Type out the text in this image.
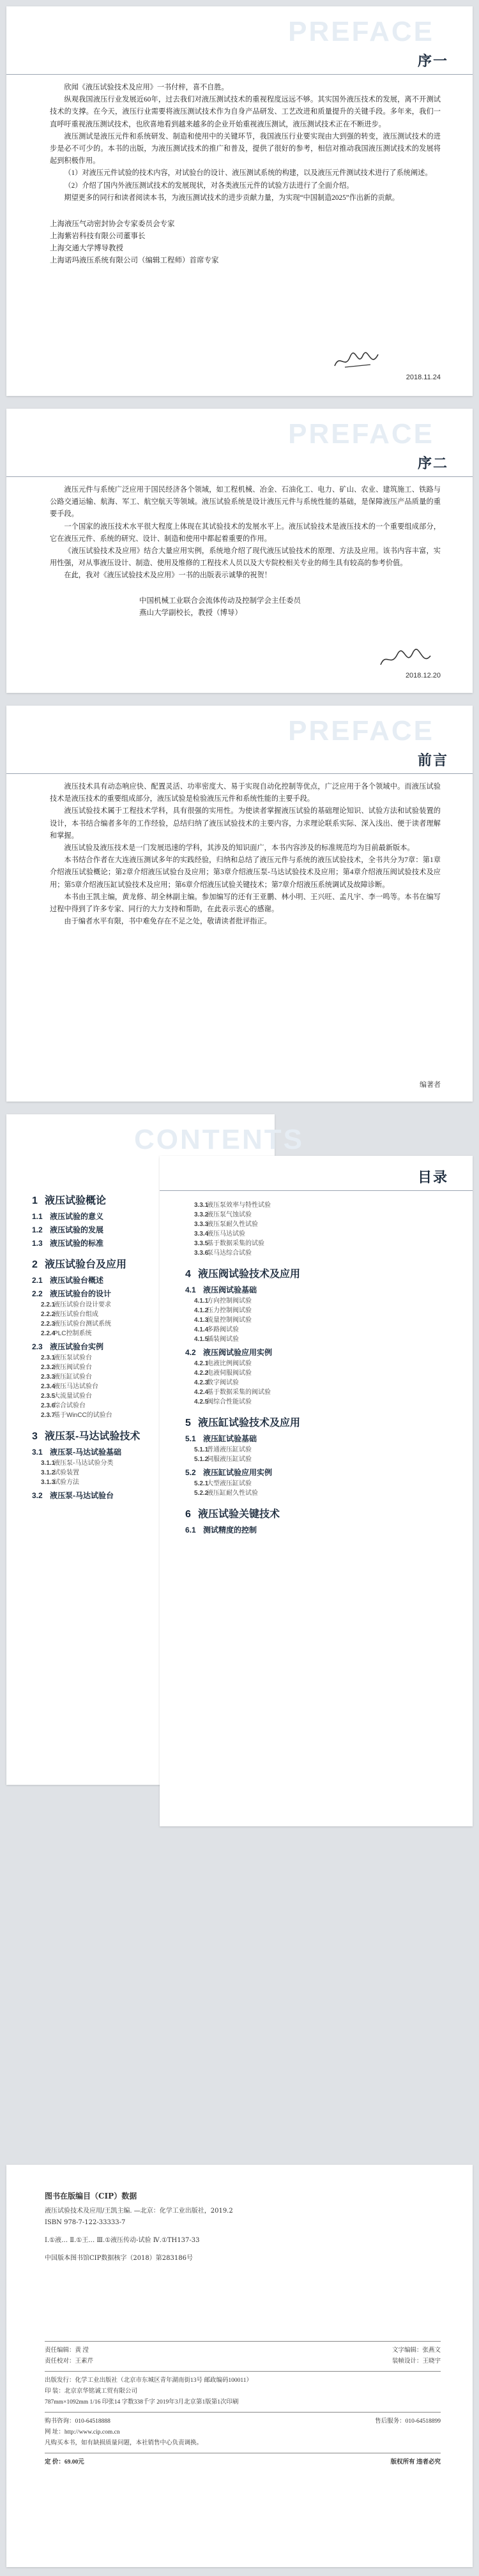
PREFACE
序一

欣闻《液压试验技术及应用》一书付梓，喜不自胜。

纵观我国液压行业发展近60年，过去我们对液压测试技术的重视程度远远不够。其实国外液压技术的发展，离不开测试技术的支撑。在今天，液压行业需要将液压测试技术作为自身产品研发、工艺改进和质量提升的关键手段。多年来，我们一直呼吁重视液压测试技术，也欣喜地看到越来越多的企业开始重视液压测试，液压测试技术正在不断进步。

液压测试是液压元件和系统研发、制造和使用中的关键环节，我国液压行业要实现由大到强的转变，液压测试技术的进步是必不可少的。本书的出版，为液压测试技术的推广和普及，提供了很好的参考，相信对推动我国液压测试技术的发展将起到积极作用。

（1）对液压元件试验的技术内容，对试验台的设计、液压测试系统的构建，以及液压元件测试技术进行了系统阐述。

（2）介绍了国内外液压测试技术的发展现状，对各类液压元件的试验方法进行了全面介绍。

期望更多的同行和读者阅读本书，为液压测试技术的进步贡献力量，为实现“中国制造2025”作出新的贡献。

上海液压气动密封协会专家委员会专家
上海紫岩科技有限公司董事长
上海交通大学博导教授
上海诺玛液压系统有限公司（编辑工程师）首席专家
2018.11.24
PREFACE
序二

液压元件与系统广泛应用于国民经济各个领域，如工程机械、冶金、石油化工、电力、矿山、农业、建筑施工、铁路与公路交通运输、航海、军工、航空航天等领域。液压试验系统是设计液压元件与系统性能的基础，是保障液压产品质量的重要手段。

一个国家的液压技术水平很大程度上体现在其试验技术的发展水平上。液压试验技术是液压技术的一个重要组成部分，它在液压元件、系统的研究、设计、制造和使用中都起着重要的作用。

《液压试验技术及应用》结合大量应用实例，系统地介绍了现代液压试验技术的原理、方法及应用。该书内容丰富，实用性强，对从事液压设计、制造、使用及维修的工程技术人员以及大专院校相关专业的师生具有较高的参考价值。

在此，我对《液压试验技术及应用》一书的出版表示诚挚的祝贺！

中国机械工业联合会流体传动及控制学会主任委员
燕山大学副校长，教授（博导）
2018.12.20
PREFACE
前言

液压技术具有动态响应快、配置灵活、功率密度大、易于实现自动化控制等优点，广泛应用于各个领域中。而液压试验技术是液压技术的重要组成部分，液压试验是检验液压元件和系统性能的主要手段。

液压试验技术属于工程技术学科，具有很强的实用性。为使读者掌握液压试验的基础理论知识、试验方法和试验装置的设计，本书结合编者多年的工作经验，总结归纳了液压试验技术的主要内容，力求理论联系实际、深入浅出、便于读者理解和掌握。

液压试验及液压技术是一门发展迅速的学科，其涉及的知识面广，本书内容涉及的标准规范均为目前最新版本。

本书结合作者在大连液压测试多年的实践经验，归纳和总结了液压元件与系统的液压试验技术，全书共分为7章：第1章介绍液压试验概论；第2章介绍液压试验台及应用；第3章介绍液压泵-马达试验技术及应用；第4章介绍液压阀试验技术及应用；第5章介绍液压缸试验技术及应用；第6章介绍液压试验关键技术；第7章介绍液压系统调试及故障诊断。

本书由王凯主编，黄龙修、胡全林副主编。参加编写的还有王亚鹏、林小明、王兴旺、孟凡宇、李一鸣等。本书在编写过程中得到了许多专家、同行的大力支持和帮助，在此表示衷心的感谢。

由于编者水平有限，书中难免存在不足之处，敬请读者批评指正。

编著者
CONTENTS
1 液压试验概论
1.1 液压试验的意义
1.2 液压试验的发展
1.3 液压试验的标准
2 液压试验台及应用
2.1 液压试验台概述
2.2 液压试验台的设计
2.2.1液压试验台设计要求
2.2.2液压试验台组成
2.2.3液压试验台测试系统
2.2.4PLC控制系统
2.3 液压试验台实例
2.3.1液压泵试验台
2.3.2液压阀试验台
2.3.3液压缸试验台
2.3.4液压马达试验台
2.3.5大流量试验台
2.3.6综合试验台
2.3.7基于WinCC的试验台
3 液压泵-马达试验技术
3.1 液压泵-马达试验基础
3.1.1液压泵-马达试验分类
3.1.2试验装置
3.1.3试验方法
3.2 液压泵-马达试验台
目录
3.3.1液压泵效率与特性试验
3.3.2液压泵气蚀试验
3.3.3液压泵耐久性试验
3.3.4液压马达试验
3.3.5基于数据采集的试验
3.3.6泵马达综合试验
4 液压阀试验技术及应用
4.1 液压阀试验基础
4.1.1方向控制阀试验
4.1.2压力控制阀试验
4.1.3流量控制阀试验
4.1.4多路阀试验
4.1.5插装阀试验
4.2 液压阀试验应用实例
4.2.1电液比例阀试验
4.2.2电液伺服阀试验
4.2.3数字阀试验
4.2.4基于数据采集的阀试验
4.2.5阀综合性能试验
5 液压缸试验技术及应用
5.1 液压缸试验基础
5.1.1普通液压缸试验
5.1.2伺服液压缸试验
5.2 液压缸试验应用实例
5.2.1大型液压缸试验
5.2.2液压缸耐久性试验
6 液压试验关键技术
6.1 测试精度的控制
图书在版编目（CIP）数据
液压试验技术及应用/王凯主编. —北京：化学工业出版社，2019.2
ISBN 978-7-122-33333-7
Ⅰ.①液… Ⅱ.①王… Ⅲ.①液压传动-试验 Ⅳ.①TH137-33
中国版本图书馆CIP数据核字（2018）第283186号
责任编辑：黄 滢	文字编辑：张燕文
责任校对：王素芹	装帧设计：王晓宇
出版发行：化学工业出版社（北京市东城区青年湖南街13号 邮政编码100011）
印 装：北京京华铭诚工贸有限公司
787mm×1092mm 1/16 印张14 字数338千字 2019年3月北京第1版第1次印刷
购书咨询：010-64518888	售后服务：010-64518899
网 址：http://www.cip.com.cn
凡购买本书，如有缺损质量问题，本社销售中心负责调换。
定 价：69.00元	版权所有 违者必究
